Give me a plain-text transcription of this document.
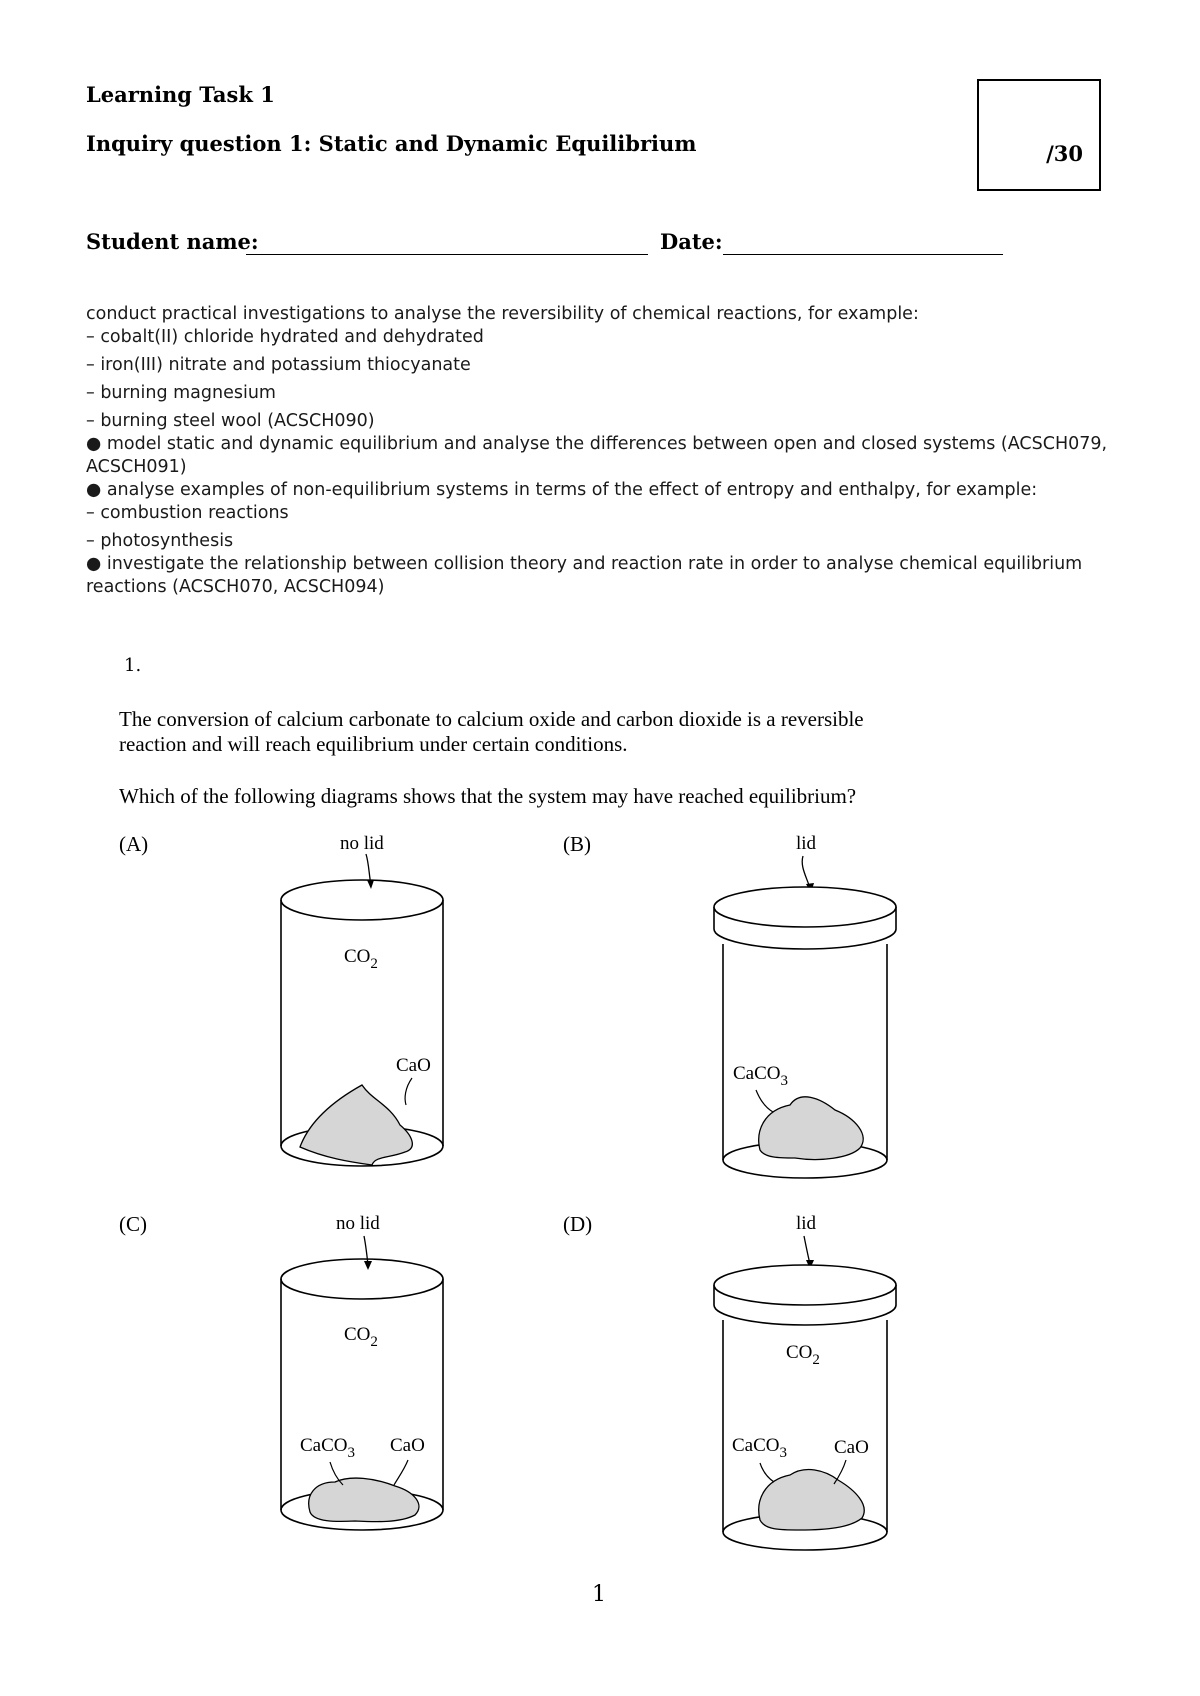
Learning Task 1
Inquiry question 1: Static and Dynamic Equilibrium	/30
Student name:	Date:
conduct practical investigations to analyse the reversibility of chemical reactions, for example:
– cobalt(II) chloride hydrated and dehydrated
– iron(III) nitrate and potassium thiocyanate
– burning magnesium
– burning steel wool (ACSCH090)
● model static and dynamic equilibrium and analyse the differences between open and closed systems (ACSCH079, ACSCH091)
● analyse examples of non-equilibrium systems in terms of the effect of entropy and enthalpy, for example:
– combustion reactions
– photosynthesis
● investigate the relationship between collision theory and reaction rate in order to analyse chemical equilibrium reactions (ACSCH070, ACSCH094)
1.
The conversion of calcium carbonate to calcium oxide and carbon dioxide is a reversible
reaction and will reach equilibrium under certain conditions.
Which of the following diagrams shows that the system may have reached equilibrium?
(A)	(B)
(C)	(D)
no lid
$CO_2$
CaO
lid
CaCO$_3$
no lid
$CO_2$
CaCO$_3$ CaO
lid
$CO_2$
CaCO$_3$ CaO
1
